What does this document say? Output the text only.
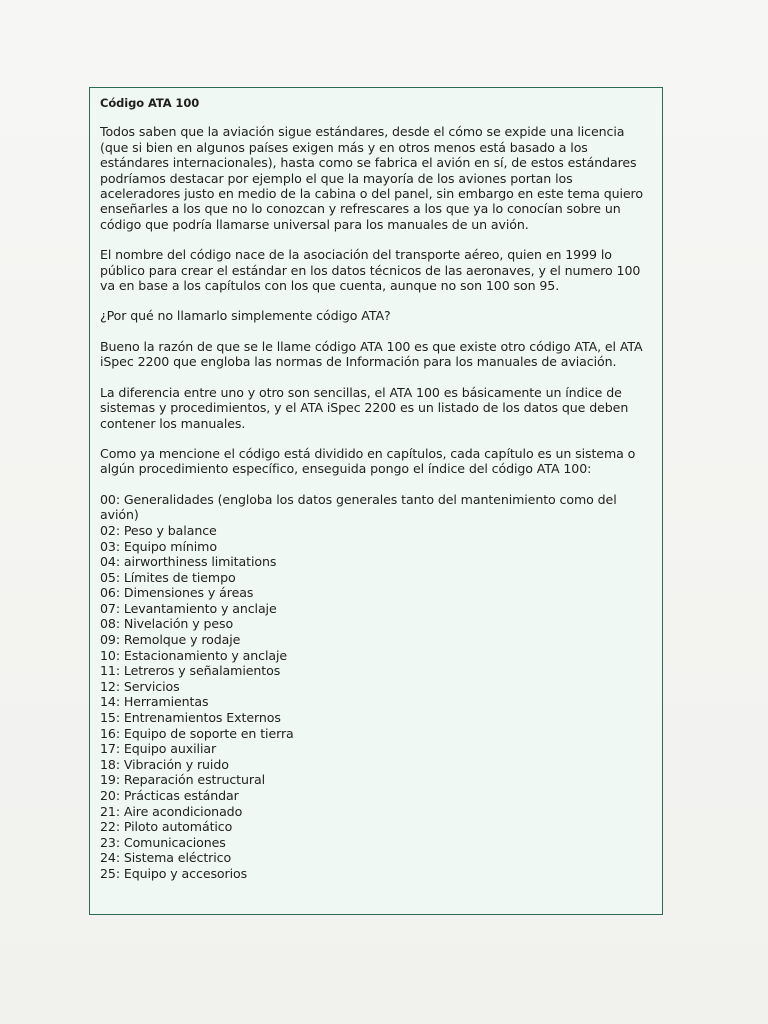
Código ATA 100

Todos saben que la aviación sigue estándares, desde el cómo se expide una licencia (que si bien en algunos países exigen más y en otros menos está basado a los estándares internacionales), hasta como se fabrica el avión en sí, de estos estándares podríamos destacar por ejemplo el que la mayoría de los aviones portan los aceleradores justo en medio de la cabina o del panel, sin embargo en este tema quiero enseñarles a los que no lo conozcan y refrescares a los que ya lo conocían sobre un código que podría llamarse universal para los manuales de un avión.

El nombre del código nace de la asociación del transporte aéreo, quien en 1999 lo público para crear el estándar en los datos técnicos de las aeronaves, y el numero 100 va en base a los capítulos con los que cuenta, aunque no son 100 son 95.

¿Por qué no llamarlo simplemente código ATA?

Bueno la razón de que se le llame código ATA 100 es que existe otro código ATA, el ATA iSpec 2200 que engloba las normas de Información para los manuales de aviación.

La diferencia entre uno y otro son sencillas, el ATA 100 es básicamente un índice de sistemas y procedimientos, y el ATA iSpec 2200 es un listado de los datos que deben contener los manuales.

Como ya mencione el código está dividido en capítulos, cada capítulo es un sistema o algún procedimiento específico, enseguida pongo el índice del código ATA 100:

00: Generalidades (engloba los datos generales tanto del mantenimiento como del avión)
02: Peso y balance
03: Equipo mínimo
04: airworthiness limitations
05: Límites de tiempo
06: Dimensiones y áreas
07: Levantamiento y anclaje
08: Nivelación y peso
09: Remolque y rodaje
10: Estacionamiento y anclaje
11: Letreros y señalamientos
12: Servicios
14: Herramientas
15: Entrenamientos Externos
16: Equipo de soporte en tierra
17: Equipo auxiliar
18: Vibración y ruido
19: Reparación estructural
20: Prácticas estándar
21: Aire acondicionado
22: Piloto automático
23: Comunicaciones
24: Sistema eléctrico
25: Equipo y accesorios
